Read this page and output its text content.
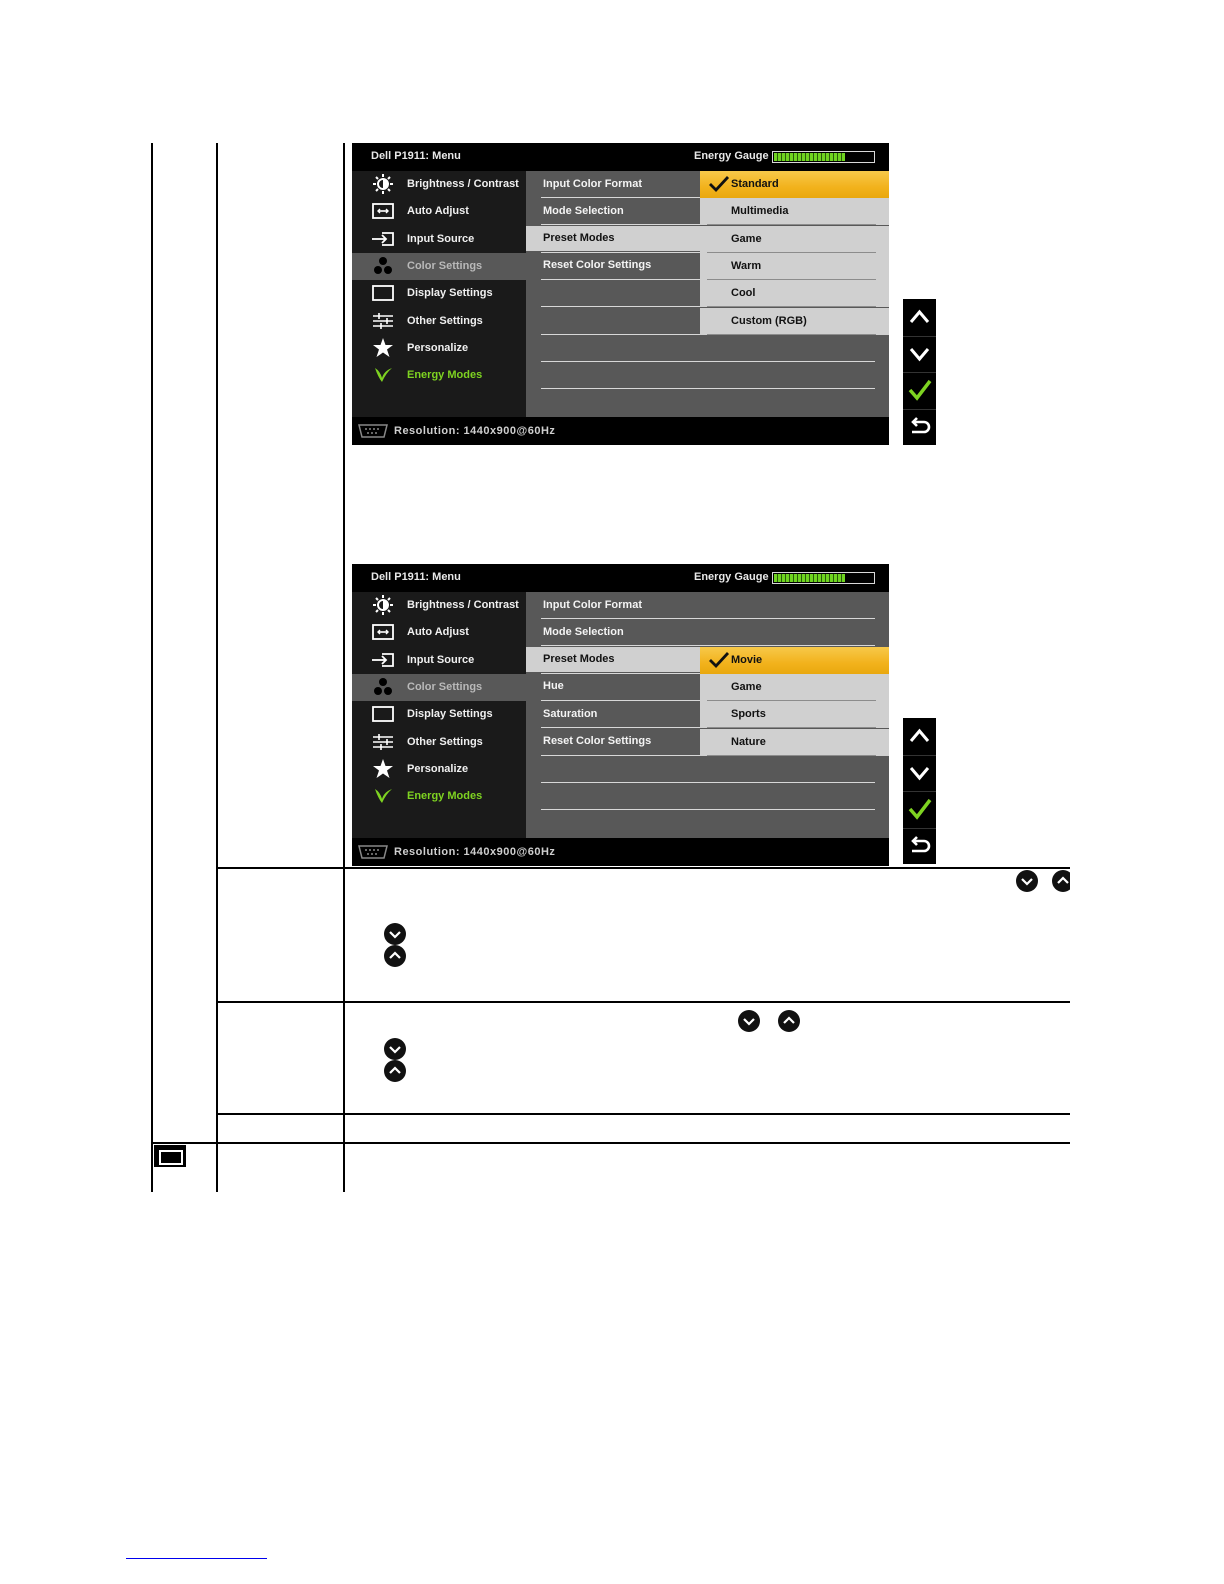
Dell P1911: Menu	Energy Gauge
Brightness / Contrast
Auto Adjust
Input Source
Color Settings
Display Settings
Other Settings
Personalize
Energy Modes
Input Color Format
Mode Selection
Preset Modes
Reset Color Settings
Standard
Multimedia
Game
Warm
Cool
Custom (RGB)
Resolution: 1440x900@60Hz
Dell P1911: Menu	Energy Gauge
Brightness / Contrast
Auto Adjust
Input Source
Color Settings
Display Settings
Other Settings
Personalize
Energy Modes
Input Color Format
Mode Selection
Preset Modes
Hue
Saturation
Reset Color Settings
Movie
Game
Sports
Nature
Resolution: 1440x900@60Hz
